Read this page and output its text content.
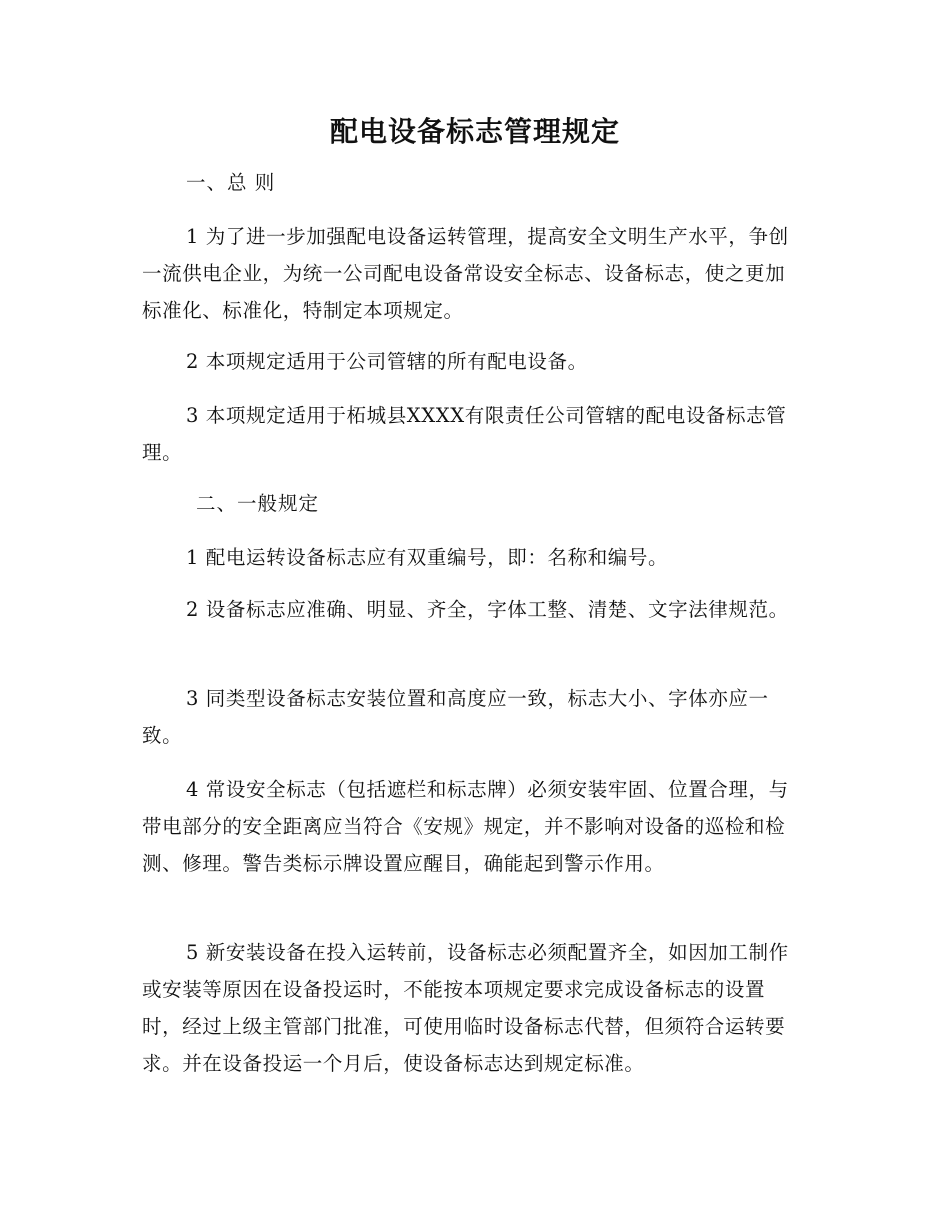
配电设备标志管理规定

一、总 则

1 为了进一步加强配电设备运转管理，提高安全文明生产水平，争创一流供电企业，为统一公司配电设备常设安全标志、设备标志，使之更加标准化、标准化，特制定本项规定。

2 本项规定适用于公司管辖的所有配电设备。

3 本项规定适用于柘城县XXXX有限责任公司管辖的配电设备标志管理。

二、一般规定

1 配电运转设备标志应有双重编号，即：名称和编号。

2 设备标志应准确、明显、齐全，字体工整、清楚、文字法律规范。

3 同类型设备标志安装位置和高度应一致，标志大小、字体亦应一致。

4 常设安全标志（包括遮栏和标志牌）必须安装牢固、位置合理，与带电部分的安全距离应当符合《安规》规定，并不影响对设备的巡检和检测、修理。警告类标示牌设置应醒目，确能起到警示作用。

5 新安装设备在投入运转前，设备标志必须配置齐全，如因加工制作或安装等原因在设备投运时，不能按本项规定要求完成设备标志的设置时，经过上级主管部门批准，可使用临时设备标志代替，但须符合运转要求。并在设备投运一个月后，使设备标志达到规定标准。
